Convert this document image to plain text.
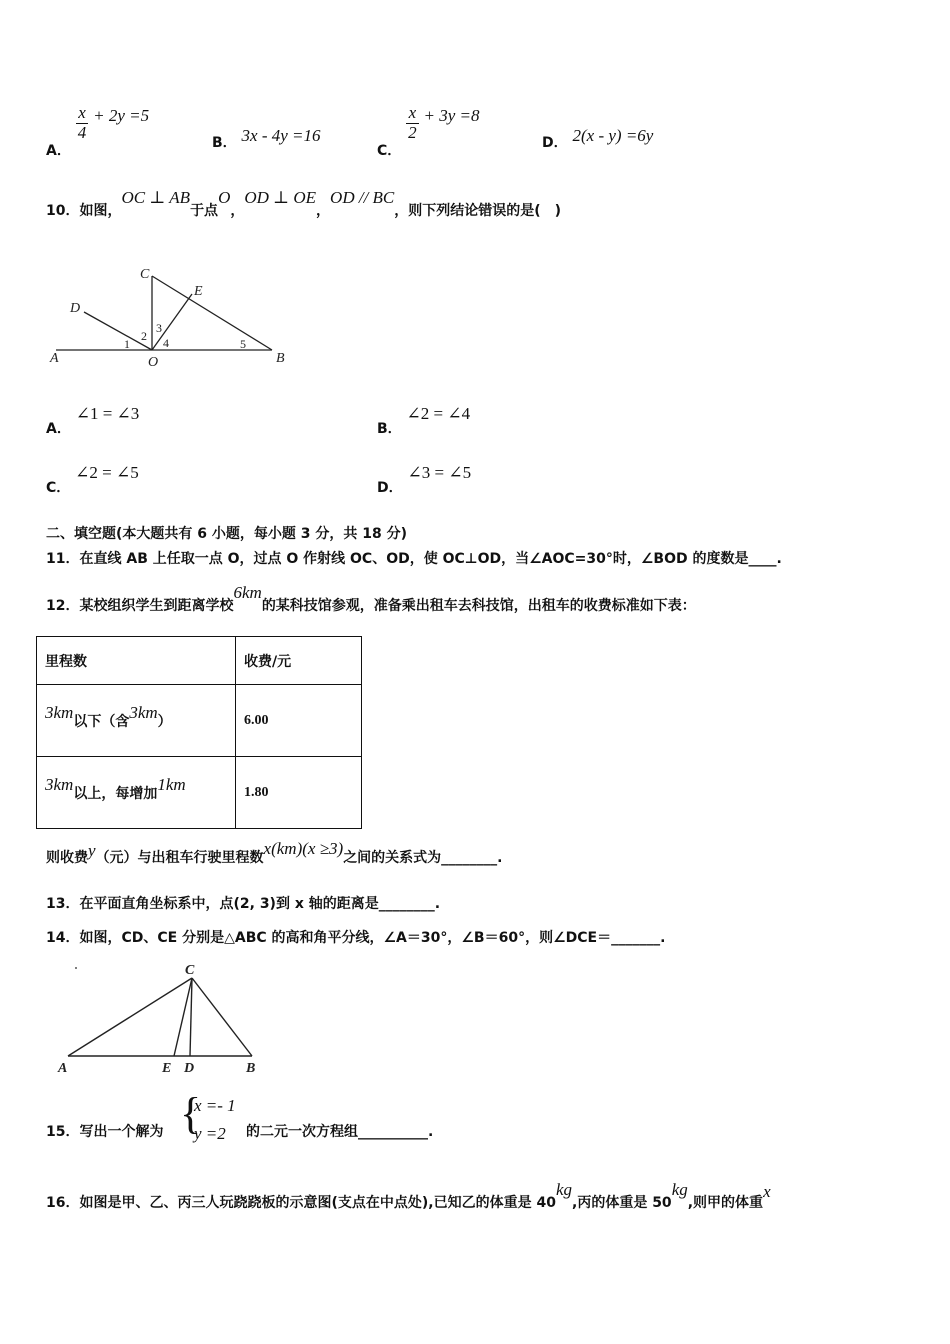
A．
$\frac{x}{4} + 2y =5$
B． 3x - 4y =16
C．
$\frac{x}{2} + 3y =8$
D． 2(x - y) =6y
10．如图，OC ⊥ AB于点O，OD ⊥ OE，OD // BC，则下列结论错误的是(　)
C
E
D
A	O	B
1
2
3
4	5
A． ∠1 = ∠3
B． ∠2 = ∠4
C． ∠2 = ∠5
D． ∠3 = ∠5
二、填空题(本大题共有 6 小题，每小题 3 分，共 18 分)
11．在直线 AB 上任取一点 O，过点 O 作射线 OC、OD，使 OC⊥OD，当∠AOC=30°时，∠BOD 的度数是____.
12．某校组织学生到距离学校6km的某科技馆参观，准备乘出租车去科技馆，出租车的收费标准如下表：
里程数	收费/元
3km以下（含3km）	6.00
3km以上，每增加1km	1.80
则收费y（元）与出租车行驶里程数x(km)(x ≥3)之间的关系式为________.
13．在平面直角坐标系中，点(2, 3)到 x 轴的距离是________.
14．如图，CD、CE 分别是△ABC 的高和角平分线，∠A＝30°，∠B＝60°，则∠DCE＝_______.
C
A	E D	B
15．写出一个解为 {
x =- 1
y =2 的二元一次方程组__________.
16．如图是甲、乙、丙三人玩跷跷板的示意图(支点在中点处),已知乙的体重是 40kg,丙的体重是 50kg,则甲的体重x
